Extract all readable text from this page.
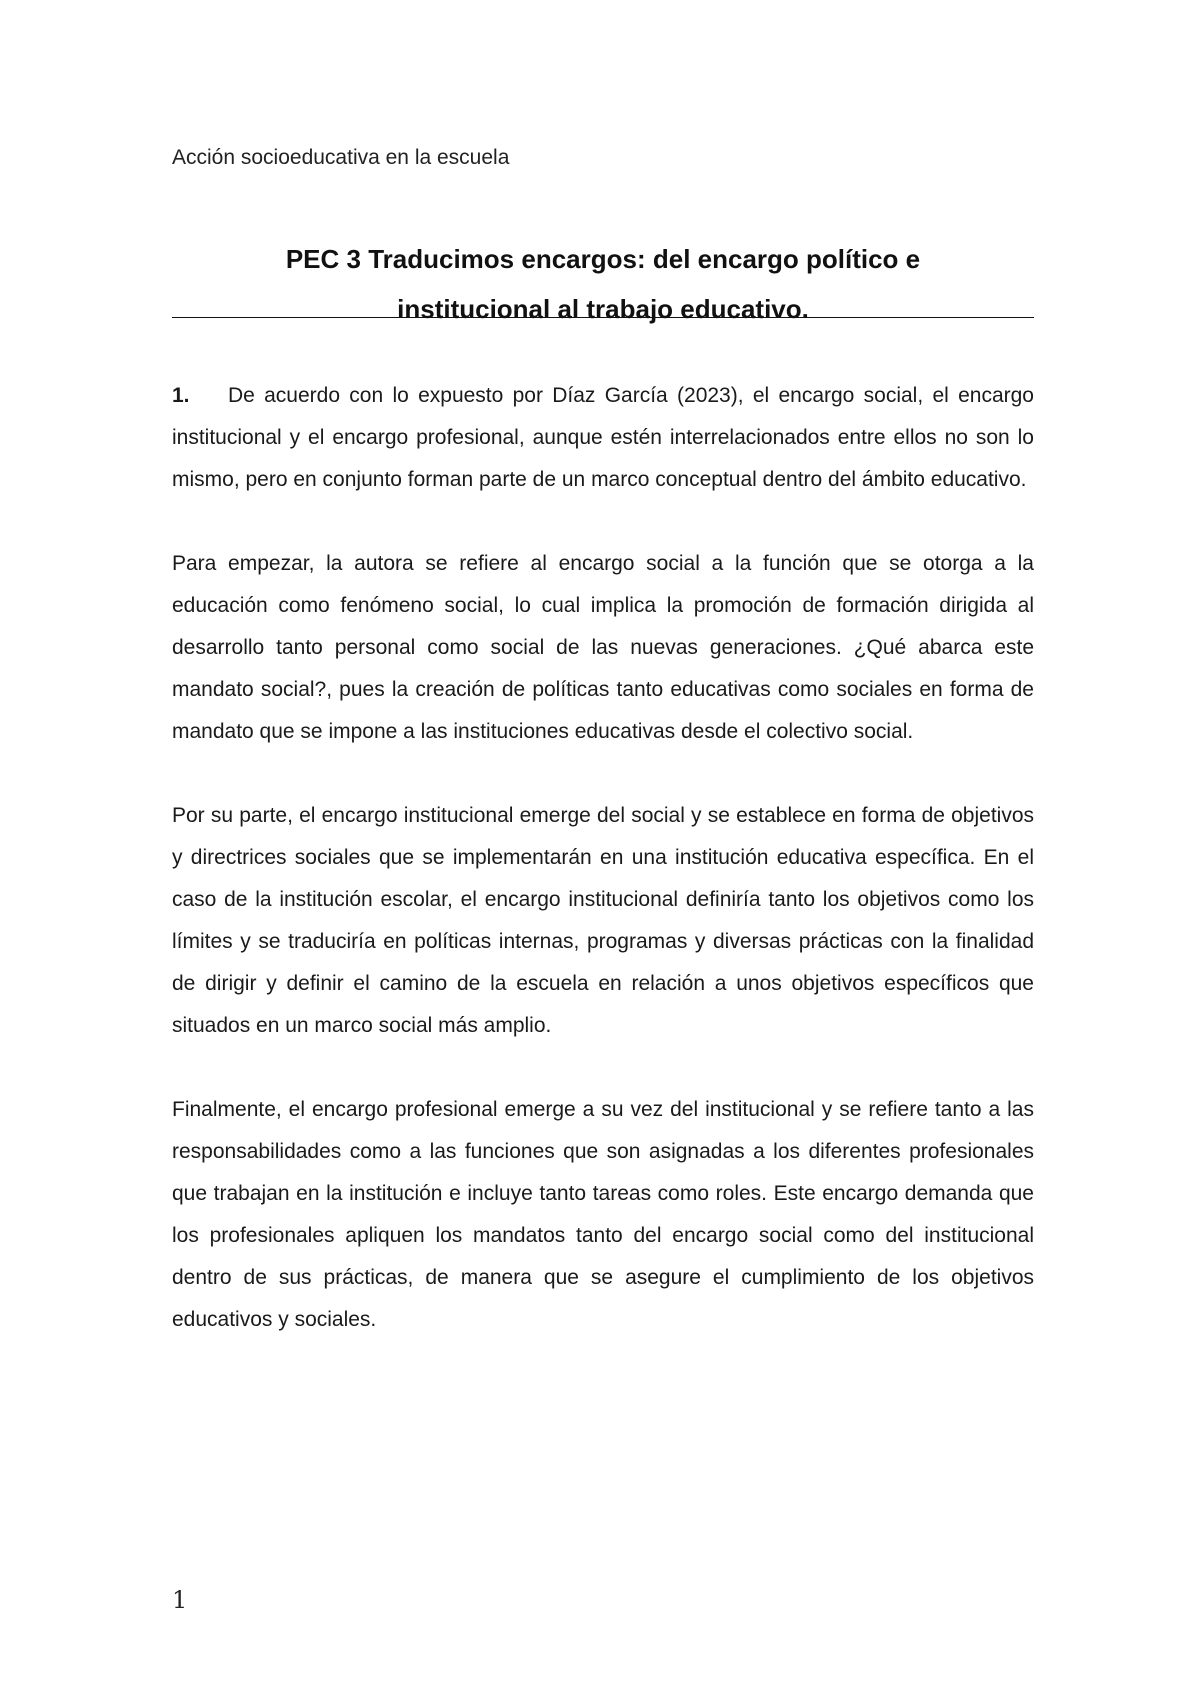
Acción socioeducativa en la escuela
PEC 3 Traducimos encargos: del encargo político e
institucional al trabajo educativo.

1. De acuerdo con lo expuesto por Díaz García (2023), el encargo social, el encargo institucional y el encargo profesional, aunque estén interrelacionados entre ellos no son lo mismo, pero en conjunto forman parte de un marco conceptual dentro del ámbito educativo.

Para empezar, la autora se refiere al encargo social a la función que se otorga a la educación como fenómeno social, lo cual implica la promoción de formación dirigida al desarrollo tanto personal como social de las nuevas generaciones. ¿Qué abarca este mandato social?, pues la creación de políticas tanto educativas como sociales en forma de mandato que se impone a las instituciones educativas desde el colectivo social.

Por su parte, el encargo institucional emerge del social y se establece en forma de objetivos y directrices sociales que se implementarán en una institución educativa específica. En el caso de la institución escolar, el encargo institucional definiría tanto los objetivos como los límites y se traduciría en políticas internas, programas y diversas prácticas con la finalidad de dirigir y definir el camino de la escuela en relación a unos objetivos específicos que situados en un marco social más amplio.

Finalmente, el encargo profesional emerge a su vez del institucional y se refiere tanto a las responsabilidades como a las funciones que son asignadas a los diferentes profesionales que trabajan en la institución e incluye tanto tareas como roles. Este encargo demanda que los profesionales apliquen los mandatos tanto del encargo social como del institucional dentro de sus prácticas, de manera que se asegure el cumplimiento de los objetivos educativos y sociales.

1
